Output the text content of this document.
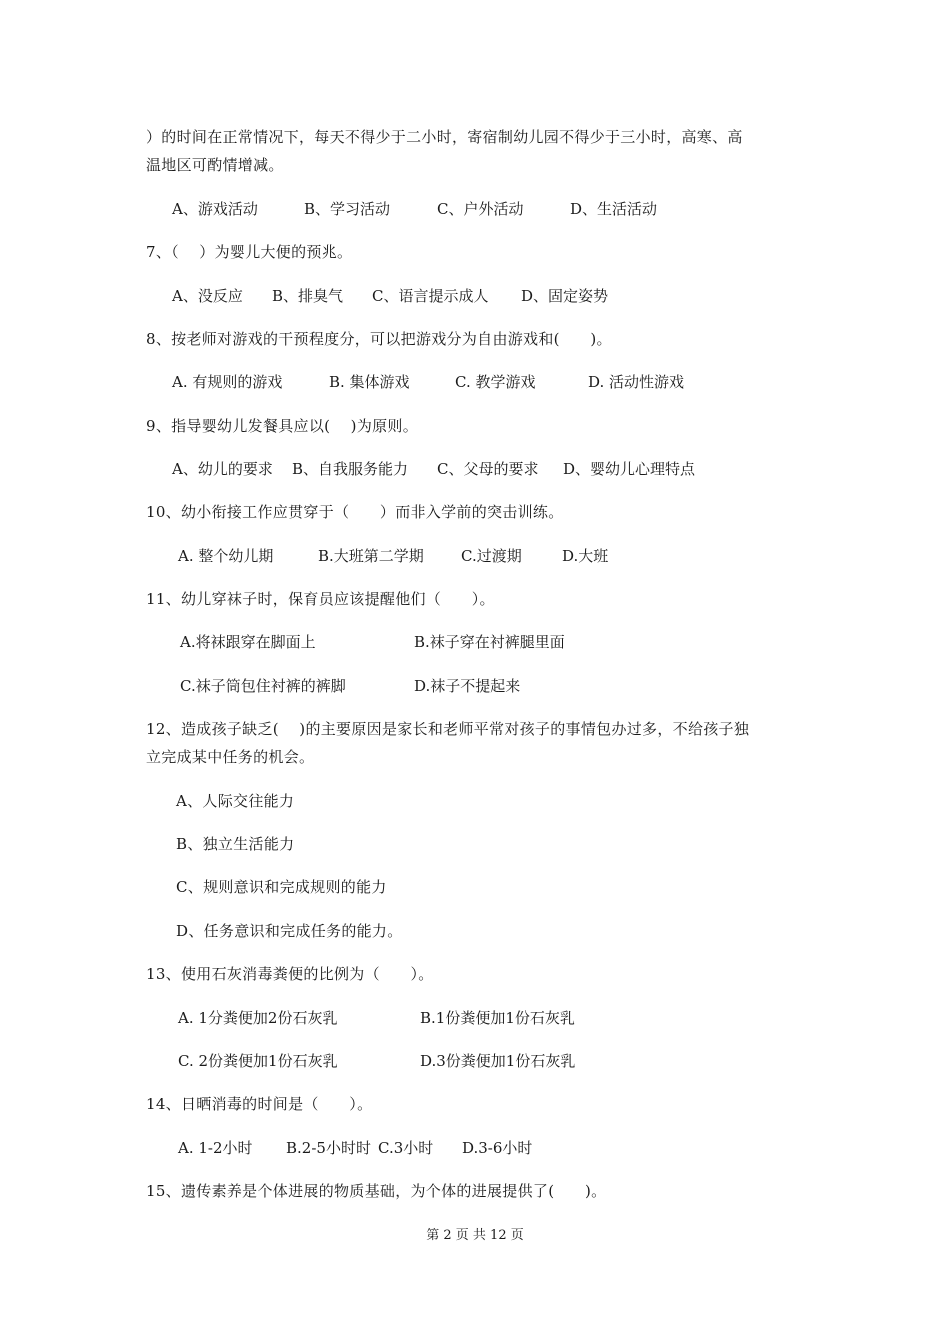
）的时间在正常情况下，每天不得少于二小时，寄宿制幼儿园不得少于三小时，高寒、高
温地区可酌情增减。
A、游戏活动	B、学习活动	C、户外活动	D、生活活动
7、（　 ）为婴儿大便的预兆。
A、没反应 B、排臭气 C、语言提示成人 D、固定姿势
8、按老师对游戏的干预程度分，可以把游戏分为自由游戏和(　　)。
A. 有规则的游戏	B. 集体游戏	C. 教学游戏	D. 活动性游戏
9、指导婴幼儿发餐具应以(　 )为原则。
A、幼儿的要求 B、自我服务能力 C、父母的要求 D、婴幼儿心理特点
10、幼小衔接工作应贯穿于（　　）而非入学前的突击训练。
A. 整个幼儿期	B.大班第二学期 C.过渡期	D.大班
11、幼儿穿袜子时，保育员应该提醒他们（　　）。
A.将袜跟穿在脚面上	B.袜子穿在衬裤腿里面
C.袜子筒包住衬裤的裤脚	D.袜子不提起来
12、造成孩子缺乏(　 )的主要原因是家长和老师平常对孩子的事情包办过多，不给孩子独
立完成某中任务的机会。
A、人际交往能力
B、独立生活能力
C、规则意识和完成规则的能力
D、任务意识和完成任务的能力。
13、使用石灰消毒粪便的比例为（　　）。
A. 1分粪便加2份石灰乳	B.1份粪便加1份石灰乳
C. 2份粪便加1份石灰乳	D.3份粪便加1份石灰乳
14、日晒消毒的时间是（　　）。
A. 1-2小时 B.2-5小时时 C.3小时 D.3-6小时
15、遗传素养是个体进展的物质基础，为个体的进展提供了(　　)。
第 2 页 共 12 页
